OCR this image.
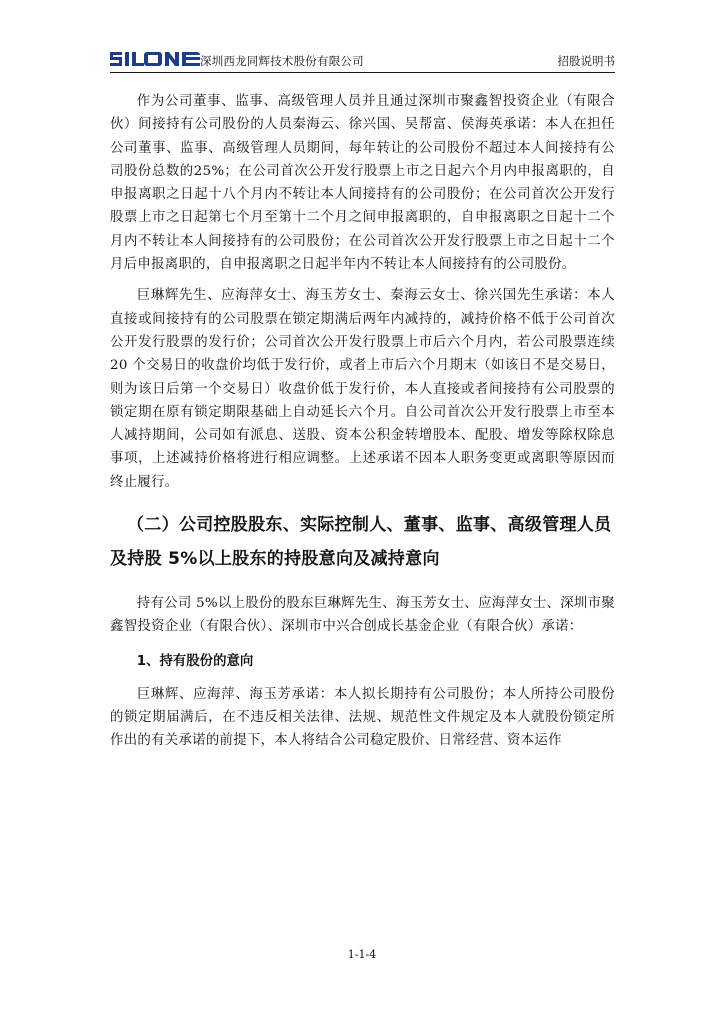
深圳西龙同辉技术股份有限公司	招股说明书

作为公司董事、监事、高级管理人员并且通过深圳市聚鑫智投资企业（有限合伙）间接持有公司股份的人员秦海云、徐兴国、吴帮富、侯海英承诺：本人在担任公司董事、监事、高级管理人员期间，每年转让的公司股份不超过本人间接持有公司股份总数的25%；在公司首次公开发行股票上市之日起六个月内申报离职的，自申报离职之日起十八个月内不转让本人间接持有的公司股份；在公司首次公开发行股票上市之日起第七个月至第十二个月之间申报离职的，自申报离职之日起十二个月内不转让本人间接持有的公司股份；在公司首次公开发行股票上市之日起十二个月后申报离职的，自申报离职之日起半年内不转让本人间接持有的公司股份。

巨琳辉先生、应海萍女士、海玉芳女士、秦海云女士、徐兴国先生承诺：本人直接或间接持有的公司股票在锁定期满后两年内减持的，减持价格不低于公司首次公开发行股票的发行价；公司首次公开发行股票上市后六个月内，若公司股票连续 20 个交易日的收盘价均低于发行价，或者上市后六个月期末（如该日不是交易日，则为该日后第一个交易日）收盘价低于发行价，本人直接或者间接持有公司股票的锁定期在原有锁定期限基础上自动延长六个月。自公司首次公开发行股票上市至本人减持期间，公司如有派息、送股、资本公积金转增股本、配股、增发等除权除息事项，上述减持价格将进行相应调整。上述承诺不因本人职务变更或离职等原因而终止履行。

（二）公司控股股东、实际控制人、董事、监事、高级管理人员及持股 5%以上股东的持股意向及减持意向

持有公司 5%以上股份的股东巨琳辉先生、海玉芳女士、应海萍女士、深圳市聚鑫智投资企业（有限合伙）、深圳市中兴合创成长基金企业（有限合伙）承诺：

1、持有股份的意向

巨琳辉、应海萍、海玉芳承诺：本人拟长期持有公司股份；本人所持公司股份的锁定期届满后，在不违反相关法律、法规、规范性文件规定及本人就股份锁定所作出的有关承诺的前提下，本人将结合公司稳定股价、日常经营、资本运作

1-1-4
